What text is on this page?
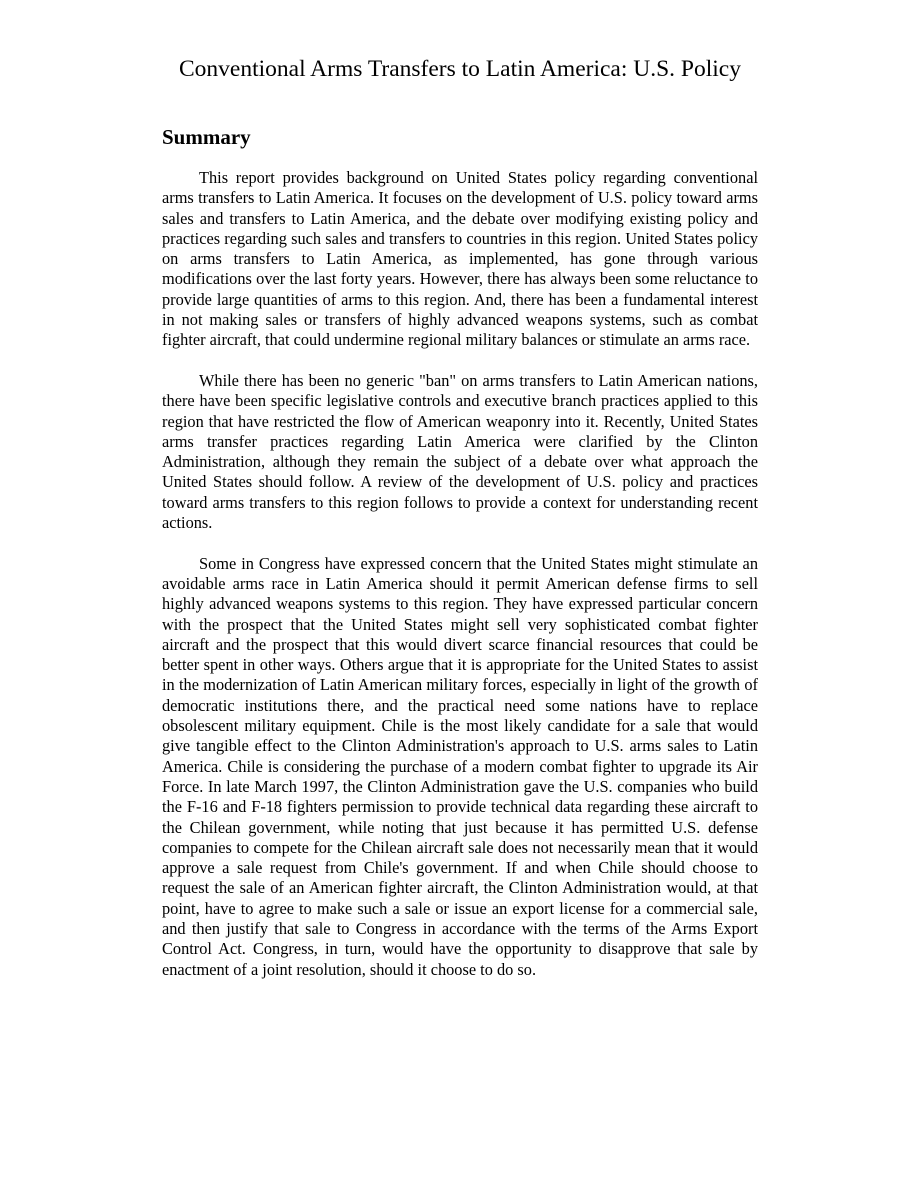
Conventional Arms Transfers to Latin America: U.S. Policy
Summary

This report provides background on United States policy regarding conventional arms transfers to Latin America. It focuses on the development of U.S. policy toward arms sales and transfers to Latin America, and the debate over modifying existing policy and practices regarding such sales and transfers to countries in this region. United States policy on arms transfers to Latin America, as implemented, has gone through various modifications over the last forty years. However, there has always been some reluctance to provide large quantities of arms to this region. And, there has been a fundamental interest in not making sales or transfers of highly advanced weapons systems, such as combat fighter aircraft, that could undermine regional military balances or stimulate an arms race.

While there has been no generic "ban" on arms transfers to Latin American nations, there have been specific legislative controls and executive branch practices applied to this region that have restricted the flow of American weaponry into it. Recently, United States arms transfer practices regarding Latin America were clarified by the Clinton Administration, although they remain the subject of a debate over what approach the United States should follow. A review of the development of U.S. policy and practices toward arms transfers to this region follows to provide a context for understanding recent actions.

Some in Congress have expressed concern that the United States might stimulate an avoidable arms race in Latin America should it permit American defense firms to sell highly advanced weapons systems to this region. They have expressed particular concern with the prospect that the United States might sell very sophisticated combat fighter aircraft and the prospect that this would divert scarce financial resources that could be better spent in other ways. Others argue that it is appropriate for the United States to assist in the modernization of Latin American military forces, especially in light of the growth of democratic institutions there, and the practical need some nations have to replace obsolescent military equipment. Chile is the most likely candidate for a sale that would give tangible effect to the Clinton Administration's approach to U.S. arms sales to Latin America. Chile is considering the purchase of a modern combat fighter to upgrade its Air Force. In late March 1997, the Clinton Administration gave the U.S. companies who build the F-16 and F-18 fighters permission to provide technical data regarding these aircraft to the Chilean government, while noting that just because it has permitted U.S. defense companies to compete for the Chilean aircraft sale does not necessarily mean that it would approve a sale request from Chile's government. If and when Chile should choose to request the sale of an American fighter aircraft, the Clinton Administration would, at that point, have to agree to make such a sale or issue an export license for a commercial sale, and then justify that sale to Congress in accordance with the terms of the Arms Export Control Act. Congress, in turn, would have the opportunity to disapprove that sale by enactment of a joint resolution, should it choose to do so.
